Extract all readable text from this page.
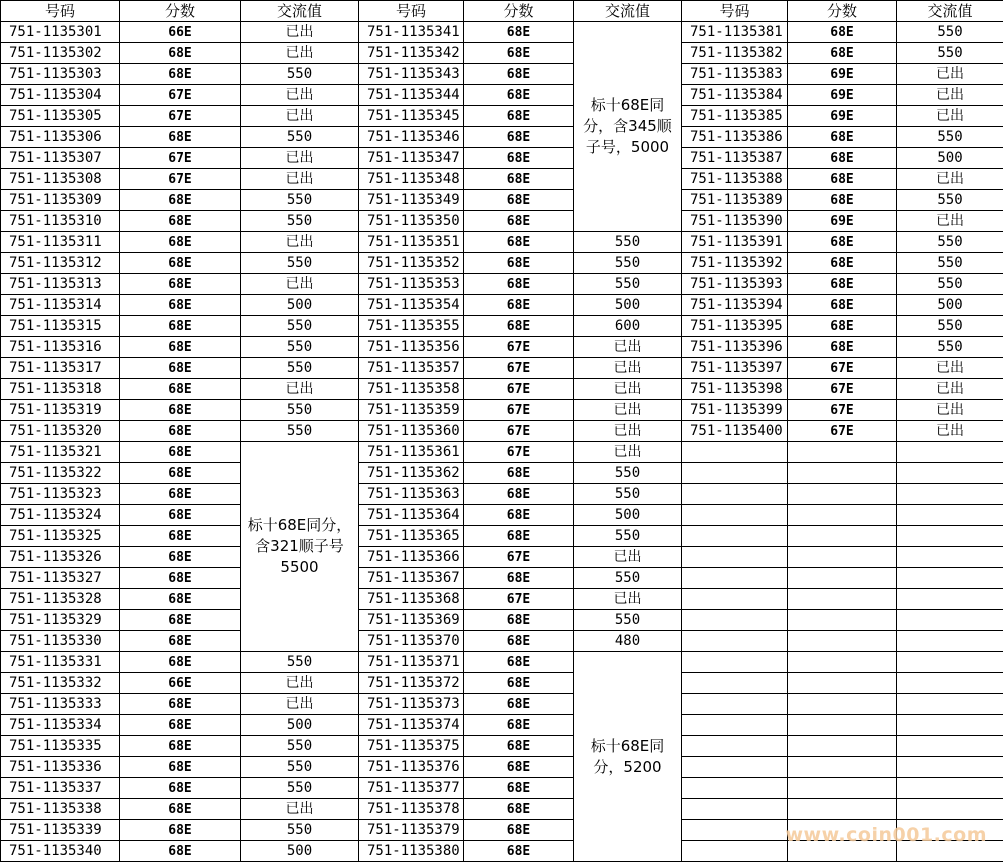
号码	分数	交流值	号码	分数	交流值	号码	分数	交流值
751-1135301	66E	已出	751-1135341	68E	标十68E同分，含345顺子号，5000	751-1135381	68E	550
751-1135302	68E	已出	751-1135342	68E		751-1135382	68E	550
751-1135303	68E	550	751-1135343	68E		751-1135383	69E	已出
751-1135304	67E	已出	751-1135344	68E		751-1135384	69E	已出
751-1135305	67E	已出	751-1135345	68E		751-1135385	69E	已出
751-1135306	68E	550	751-1135346	68E		751-1135386	68E	550
751-1135307	67E	已出	751-1135347	68E		751-1135387	68E	500
751-1135308	67E	已出	751-1135348	68E		751-1135388	68E	已出
751-1135309	68E	550	751-1135349	68E		751-1135389	68E	550
751-1135310	68E	550	751-1135350	68E		751-1135390	69E	已出
751-1135311	68E	已出	751-1135351	68E	550	751-1135391	68E	550
751-1135312	68E	550	751-1135352	68E	550	751-1135392	68E	550
751-1135313	68E	已出	751-1135353	68E	550	751-1135393	68E	550
751-1135314	68E	500	751-1135354	68E	500	751-1135394	68E	500
751-1135315	68E	550	751-1135355	68E	600	751-1135395	68E	550
751-1135316	68E	550	751-1135356	67E	已出	751-1135396	68E	550
751-1135317	68E	550	751-1135357	67E	已出	751-1135397	67E	已出
751-1135318	68E	已出	751-1135358	67E	已出	751-1135398	67E	已出
751-1135319	68E	550	751-1135359	67E	已出	751-1135399	67E	已出
751-1135320	68E	550	751-1135360	67E	已出	751-1135400	67E	已出
751-1135321	68E	标十68E同分，含321顺子号5500	751-1135361	67E	已出			
751-1135322	68E		751-1135362	68E	550			
751-1135323	68E		751-1135363	68E	550			
751-1135324	68E		751-1135364	68E	500			
751-1135325	68E		751-1135365	68E	550			
751-1135326	68E		751-1135366	67E	已出			
751-1135327	68E		751-1135367	68E	550			
751-1135328	68E		751-1135368	67E	已出			
751-1135329	68E		751-1135369	68E	550			
751-1135330	68E		751-1135370	68E	480			
751-1135331	68E	550	751-1135371	68E	标十68E同分，5200			
751-1135332	66E	已出	751-1135372	68E				
751-1135333	68E	已出	751-1135373	68E				
751-1135334	68E	500	751-1135374	68E				
751-1135335	68E	550	751-1135375	68E				
751-1135336	68E	550	751-1135376	68E				
751-1135337	68E	550	751-1135377	68E				
751-1135338	68E	已出	751-1135378	68E				
751-1135339	68E	550	751-1135379	68E				
751-1135340	68E	500	751-1135380	68E				
www.coin001.com
